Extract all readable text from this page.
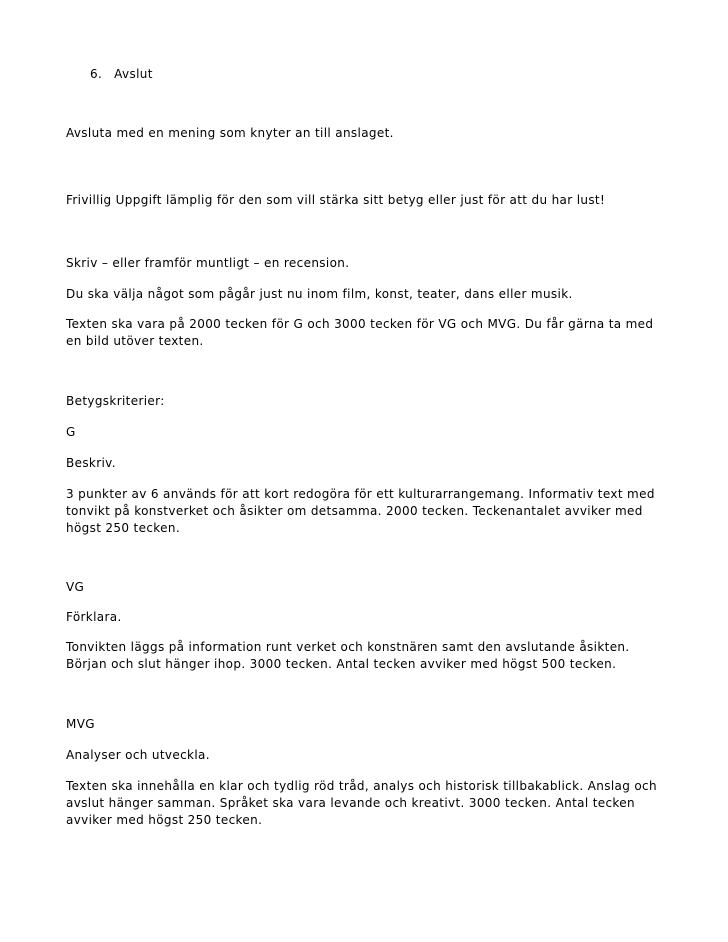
6. Avslut

Avsluta med en mening som knyter an till anslaget.

Frivillig Uppgift lämplig för den som vill stärka sitt betyg eller just för att du har lust!

Skriv – eller framför muntligt – en recension.

Du ska välja något som pågår just nu inom film, konst, teater, dans eller musik.

Texten ska vara på 2000 tecken för G och 3000 tecken för VG och MVG. Du får gärna ta med en bild utöver texten.

Betygskriterier:

G

Beskriv.

3 punkter av 6 används för att kort redogöra för ett kulturarrangemang. Informativ text med tonvikt på konstverket och åsikter om detsamma. 2000 tecken. Teckenantalet avviker med högst 250 tecken.

VG

Förklara.

Tonvikten läggs på information runt verket och konstnären samt den avslutande åsikten. Början och slut hänger ihop. 3000 tecken. Antal tecken avviker med högst 500 tecken.

MVG

Analyser och utveckla.

Texten ska innehålla en klar och tydlig röd tråd, analys och historisk tillbakablick. Anslag och avslut hänger samman. Språket ska vara levande och kreativt. 3000 tecken. Antal tecken avviker med högst 250 tecken.
